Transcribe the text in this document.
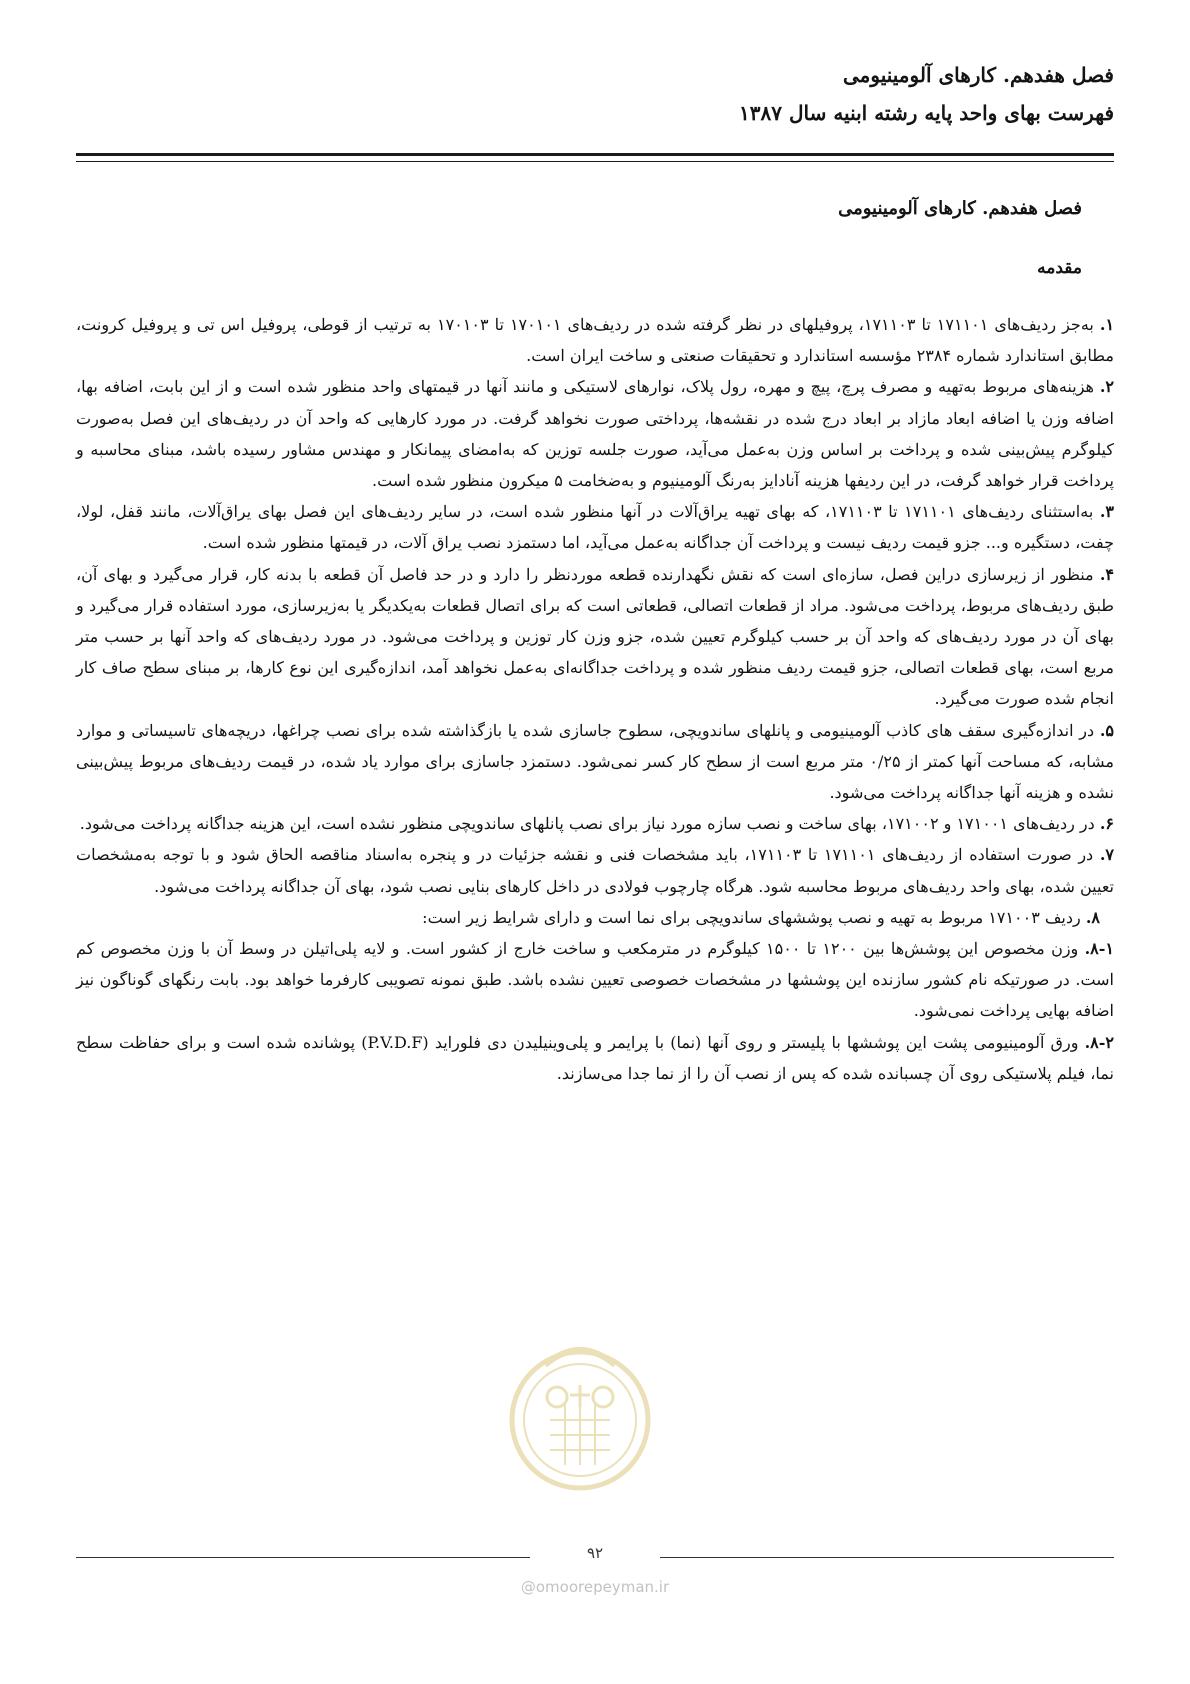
فصل هفدهم. کارهای آلومینیومی

فهرست بهای واحد پایه رشته ابنیه سال ۱۳۸۷

فصل هفدهم. کارهای آلومینیومی
مقدمه

۱. به‌جز ردیف‌های ۱۷۱۱۰۱ تا ۱۷۱۱۰۳، پروفیلهای در نظر گرفته شده در ردیف‌های ۱۷۰۱۰۱ تا ۱۷۰۱۰۳ به ترتیب از قوطی، پروفیل اس تی و پروفیل کرونت، مطابق استاندارد شماره ۲۳۸۴ مؤسسه استاندارد و تحقیقات صنعتی و ساخت ایران است.

۲. هزینه‌های مربوط به‌تهیه و مصرف پرچ، پیچ و مهره، رول پلاک، نوارهای لاستیکی و مانند آنها در قیمتهای واحد منظور شده است و از این بابت، اضافه بها، اضافه وزن یا اضافه ابعاد مازاد بر ابعاد درج شده در نقشه‌ها، پرداختی صورت نخواهد گرفت. در مورد کارهایی که واحد آن در ردیف‌های این فصل به‌صورت کیلوگرم پیش‌بینی شده و پرداخت بر اساس وزن به‌عمل می‌آید، صورت جلسه توزین که به‌امضای پیمانکار و مهندس مشاور رسیده باشد، مبنای محاسبه و پرداخت قرار خواهد گرفت، در این ردیفها هزینه آنادایز به‌رنگ آلومینیوم و به‌ضخامت ۵ میکرون منظور شده است.

۳. به‌استثنای ردیف‌های ۱۷۱۱۰۱ تا ۱۷۱۱۰۳، که بهای تهیه یراق‌آلات در آنها منظور شده است، در سایر ردیف‌های این فصل بهای یراق‌آلات، مانند قفل، لولا، چفت، دستگیره و... جزو قیمت ردیف نیست و پرداخت آن جداگانه به‌عمل می‌آید، اما دستمزد نصب یراق آلات، در قیمتها منظور شده است.

۴. منظور از زیرسازی دراین فصل، سازه‌ای است که نقش نگهدارنده قطعه موردنظر را دارد و در حد فاصل آن قطعه با بدنه کار، قرار می‌گیرد و بهای آن، طبق ردیف‌های مربوط، پرداخت می‌شود. مراد از قطعات اتصالی، قطعاتی است که برای اتصال قطعات به‌یکدیگر یا به‌زیرسازی، مورد استفاده قرار می‌گیرد و بهای آن در مورد ردیف‌های که واحد آن بر حسب کیلوگرم تعیین شده، جزو وزن کار توزین و پرداخت می‌شود. در مورد ردیف‌های که واحد آنها بر حسب متر مربع است، بهای قطعات اتصالی، جزو قیمت ردیف منظور شده و پرداخت جداگانه‌ای به‌عمل نخواهد آمد، اندازه‌گیری این نوع کارها، بر مبنای سطح صاف کار انجام شده صورت می‌گیرد.

۵. در اندازه‌گیری سقف های کاذب آلومینیومی و پانلهای ساندویچی، سطوح جاسازی شده یا بازگذاشته شده برای نصب چراغها، دریچه‌های تاسیساتی و موارد مشابه، که مساحت آنها کمتر از ۰/۲۵ متر مربع است از سطح کار کسر نمی‌شود. دستمزد جاسازی برای موارد یاد شده، در قیمت ردیف‌های مربوط پیش‌بینی نشده و هزینه آنها جداگانه پرداخت می‌شود.

۶. در ردیف‌های ۱۷۱۰۰۱ و ۱۷۱۰۰۲، بهای ساخت و نصب سازه مورد نیاز برای نصب پانلهای ساندویچی منظور نشده است، این هزینه جداگانه پرداخت می‌شود.

۷. در صورت استفاده از ردیف‌های ۱۷۱۱۰۱ تا ۱۷۱۱۰۳، باید مشخصات فنی و نقشه جزئیات در و پنجره به‌اسناد مناقصه الحاق شود و با توجه به‌مشخصات تعیین شده، بهای واحد ردیف‌های مربوط محاسبه شود. هرگاه چارچوب فولادی در داخل کارهای بنایی نصب شود، بهای آن جداگانه پرداخت می‌شود.

۸. ردیف ۱۷۱۰۰۳ مربوط به تهیه و نصب پوششهای ساندویچی برای نما است و دارای شرایط زیر است:

۸-۱. وزن مخصوص این پوشش‌ها بین ۱۲۰۰ تا ۱۵۰۰ کیلوگرم در مترمکعب و ساخت خارج از کشور است. و لایه پلی‌اتیلن در وسط آن با وزن مخصوص کم است. در صورتیکه نام کشور سازنده این پوششها در مشخصات خصوصی تعیین نشده باشد. طبق نمونه تصویبی کارفرما خواهد بود. بابت رنگهای گوناگون نیز اضافه بهایی پرداخت نمی‌شود.

۸-۲. ورق آلومینیومی پشت این پوششها با پلیستر و روی آنها (نما) با پرایمر و پلی‌وینیلیدن دی فلوراید (P.V.D.F) پوشانده شده است و برای حفاظت سطح نما، فیلم پلاستیکی روی آن چسبانده شده که پس از نصب آن را از نما جدا می‌سازند.

۹۲
@omoorepeyman.ir
